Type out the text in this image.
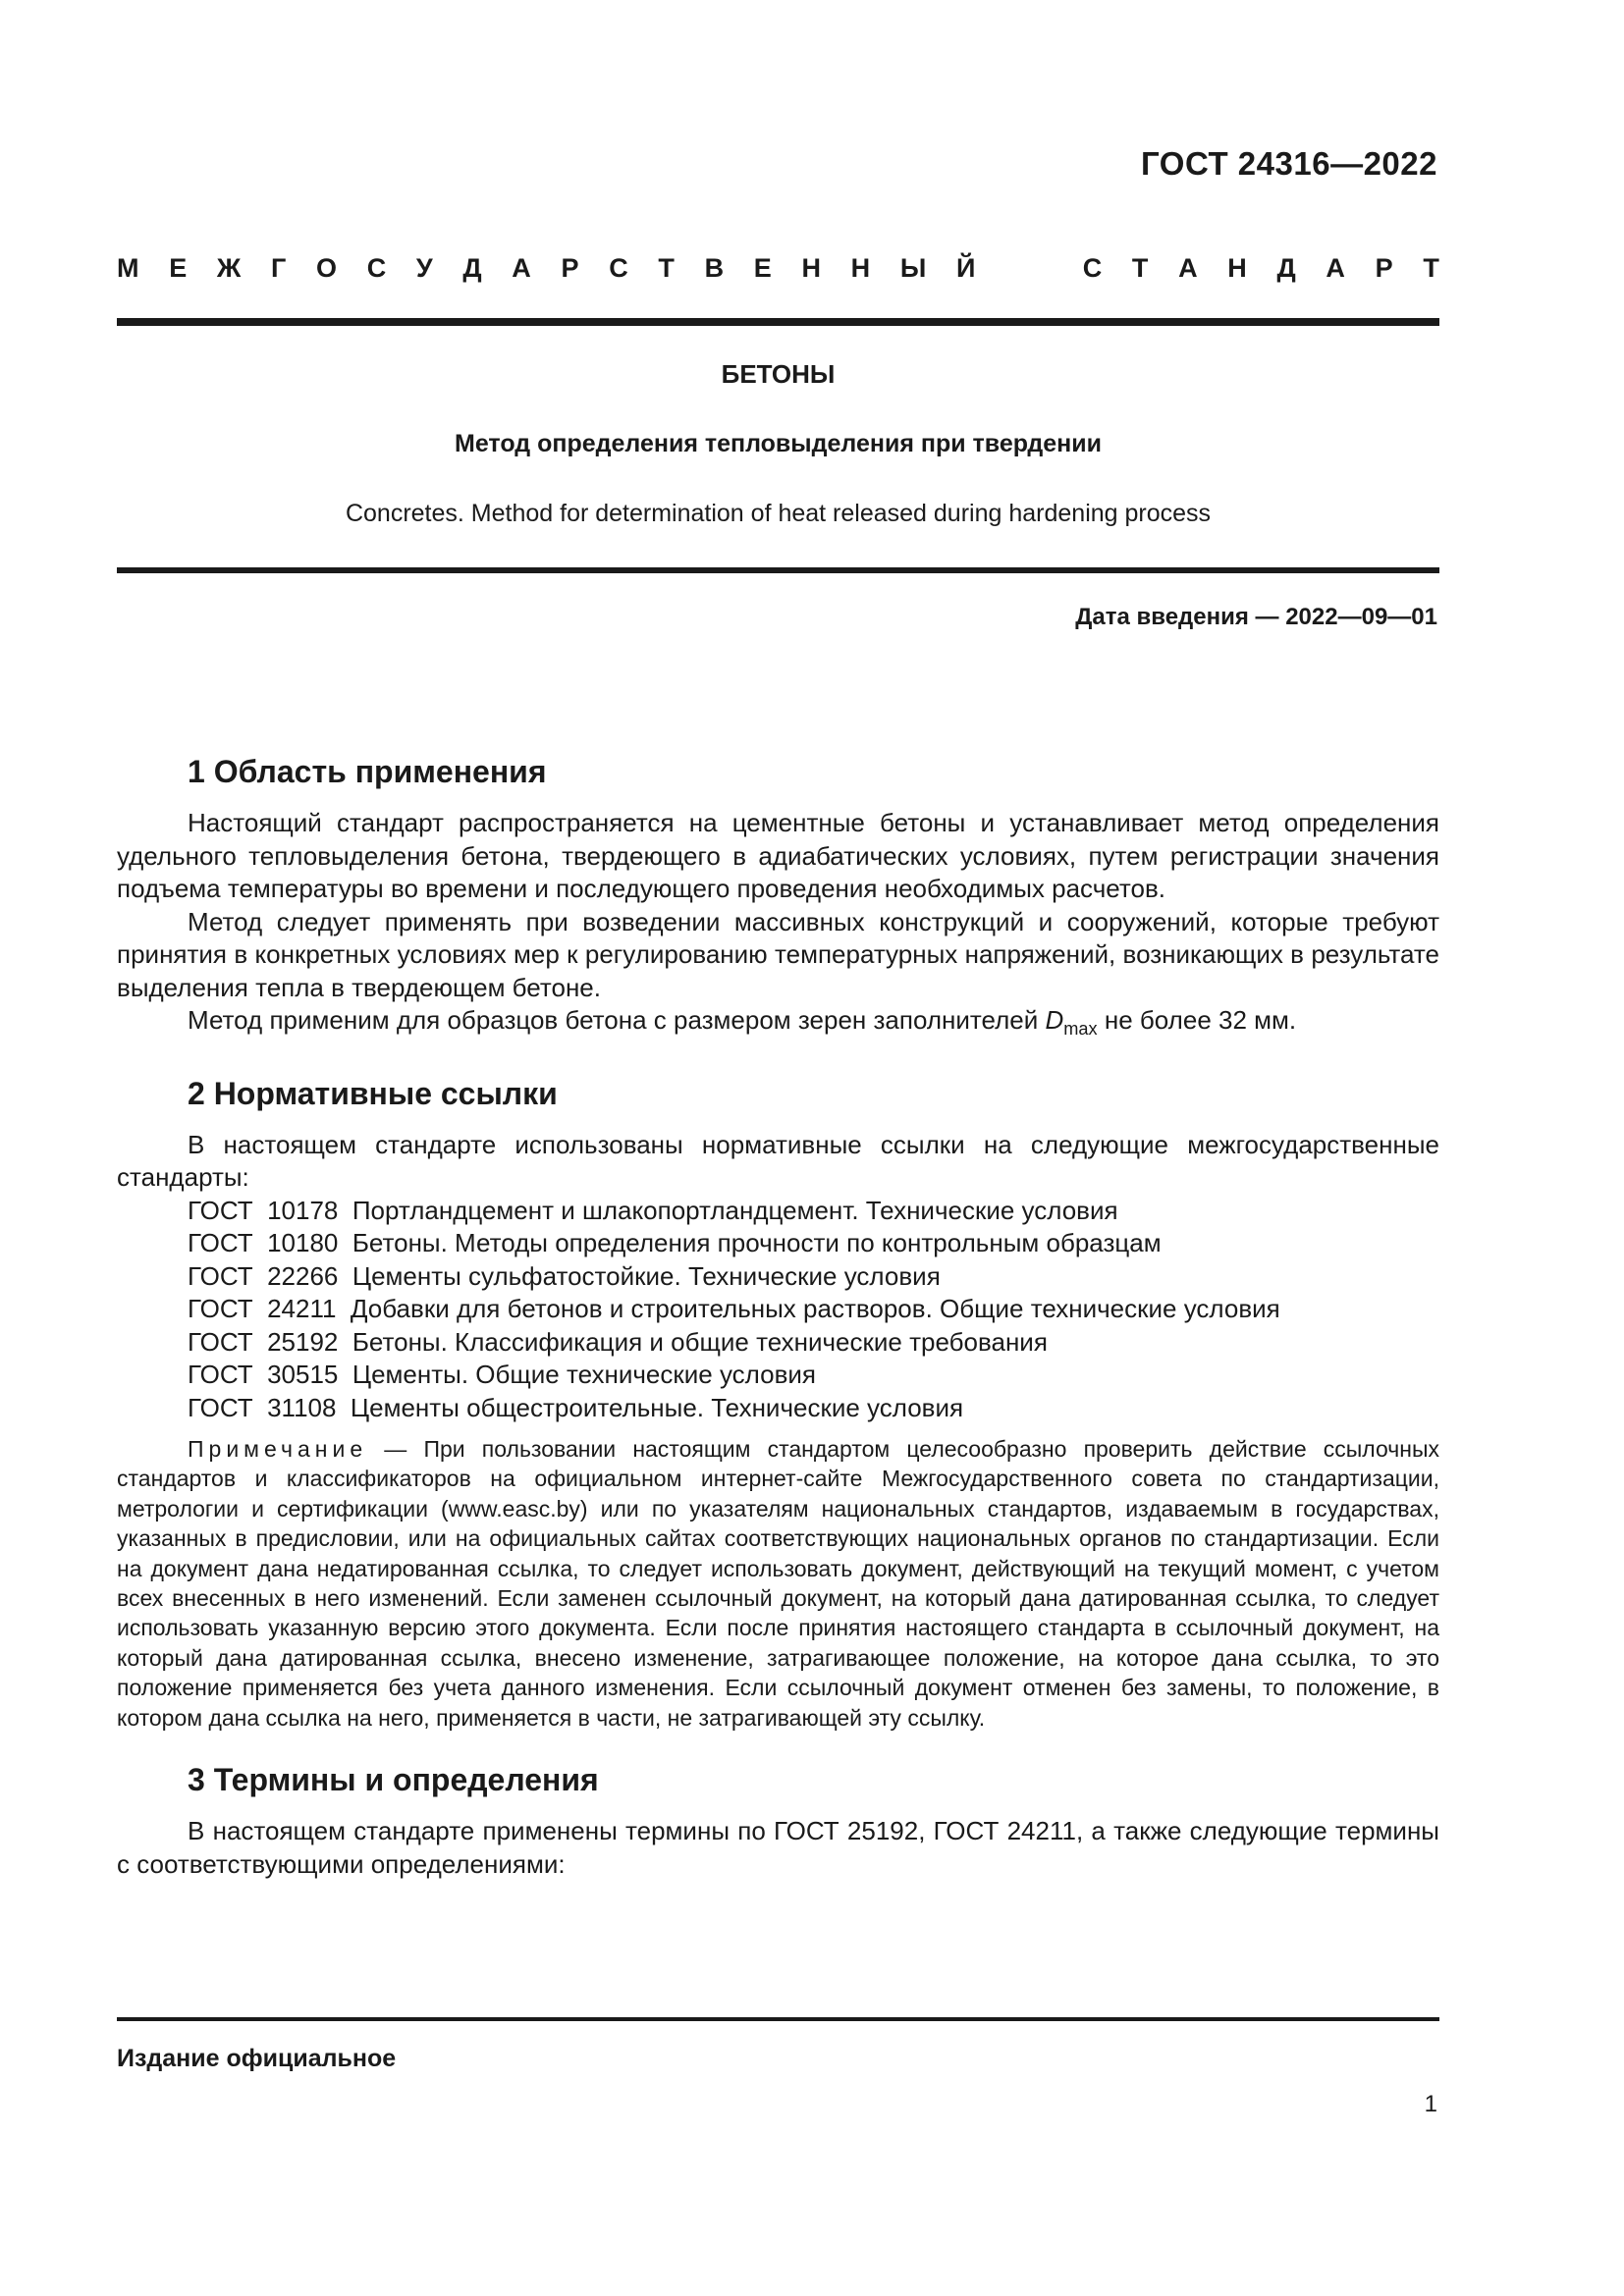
ГОСТ 24316—2022
М Е Ж Г О С У Д А Р С Т В Е Н Н Ы Й	С Т А Н Д А Р Т
БЕТОНЫ
Метод определения тепловыделения при твердении
Concretes. Method for determination of heat released during hardening process
Дата введения — 2022—09—01
1 Область применения

Настоящий стандарт распространяется на цементные бетоны и устанавливает метод определения удельного тепловыделения бетона, твердеющего в адиабатических условиях, путем регистрации значения подъема температуры во времени и последующего проведения необходимых расчетов.

Метод следует применять при возведении массивных конструкций и сооружений, которые требуют принятия в конкретных условиях мер к регулированию температурных напряжений, возникающих в результате выделения тепла в твердеющем бетоне.

Метод применим для образцов бетона с размером зерен заполнителей $D_{max}$ не более 32 мм.

2 Нормативные ссылки

В настоящем стандарте использованы нормативные ссылки на следующие межгосударственные стандарты:

ГОСТ  10178  Портландцемент и шлакопортландцемент. Технические условия
ГОСТ  10180  Бетоны. Методы определения прочности по контрольным образцам
ГОСТ  22266  Цементы сульфатостойкие. Технические условия
ГОСТ  24211  Добавки для бетонов и строительных растворов. Общие технические условия
ГОСТ  25192  Бетоны. Классификация и общие технические требования
ГОСТ  30515  Цементы. Общие технические условия
ГОСТ  31108  Цементы общестроительные. Технические условия

Примечание — При пользовании настоящим стандартом целесообразно проверить действие ссылочных стандартов и классификаторов на официальном интернет-сайте Межгосударственного совета по стандартизации, метрологии и сертификации (www.easc.by) или по указателям национальных стандартов, издаваемым в государствах, указанных в предисловии, или на официальных сайтах соответствующих национальных органов по стандартизации. Если на документ дана недатированная ссылка, то следует использовать документ, действующий на текущий момент, с учетом всех внесенных в него изменений. Если заменен ссылочный документ, на который дана датированная ссылка, то следует использовать указанную версию этого документа. Если после принятия настоящего стандарта в ссылочный документ, на который дана датированная ссылка, внесено изменение, затрагивающее положение, на которое дана ссылка, то это положение применяется без учета данного изменения. Если ссылочный документ отменен без замены, то положение, в котором дана ссылка на него, применяется в части, не затрагивающей эту ссылку.

3 Термины и определения

В настоящем стандарте применены термины по ГОСТ 25192, ГОСТ 24211, а также следующие термины с соответствующими определениями:

Издание официальное
1
